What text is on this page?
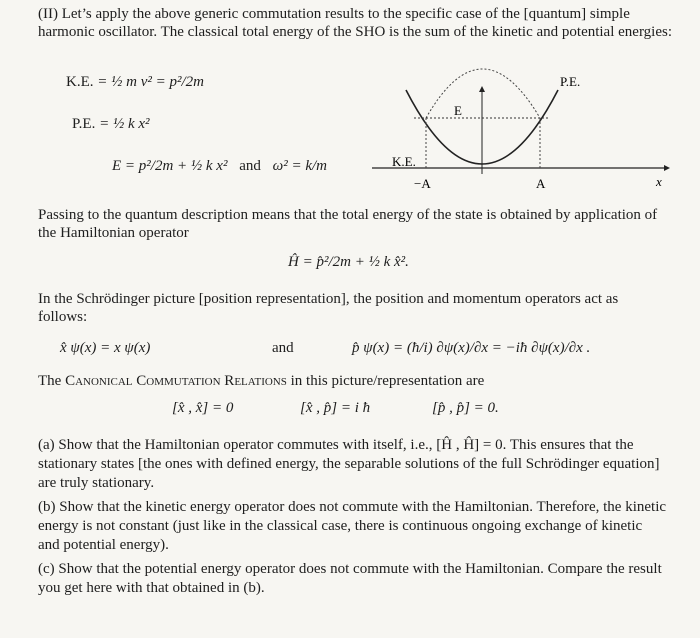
(II) Let’s apply the above generic commutation results to the specific case of the [quantum] simple harmonic oscillator. The classical total energy of the SHO is the sum of the kinetic and potential energies:
K.E. = ½ m v² = p²/2m
P.E. = ½ k x²
E = p²/2m + ½ k x² and ω² = k/m
P.E.
E
K.E.
−A	A	x
Passing to the quantum description means that the total energy of the state is obtained by application of the Hamiltonian operator
Ĥ = p̂²/2m + ½ k x̂².
In the Schrödinger picture [position representation], the position and momentum operators act as follows:
x̂ ψ(x) = x ψ(x)	and	p̂ ψ(x) = (ħ/i) ∂ψ(x)/∂x = −iħ ∂ψ(x)/∂x .
The Canonical Commutation Relations in this picture/representation are
[x̂ , x̂] = 0	[x̂ , p̂] = i ħ	[p̂ , p̂] = 0.
(a) Show that the Hamiltonian operator commutes with itself, i.e., [Ĥ , Ĥ] = 0. This ensures that the stationary states [the ones with defined energy, the separable solutions of the full Schrödinger equation] are truly stationary.
(b) Show that the kinetic energy operator does not commute with the Hamiltonian. Therefore, the kinetic energy is not constant (just like in the classical case, there is continuous ongoing exchange of kinetic and potential energy).
(c) Show that the potential energy operator does not commute with the Hamiltonian. Compare the result you get here with that obtained in (b).
